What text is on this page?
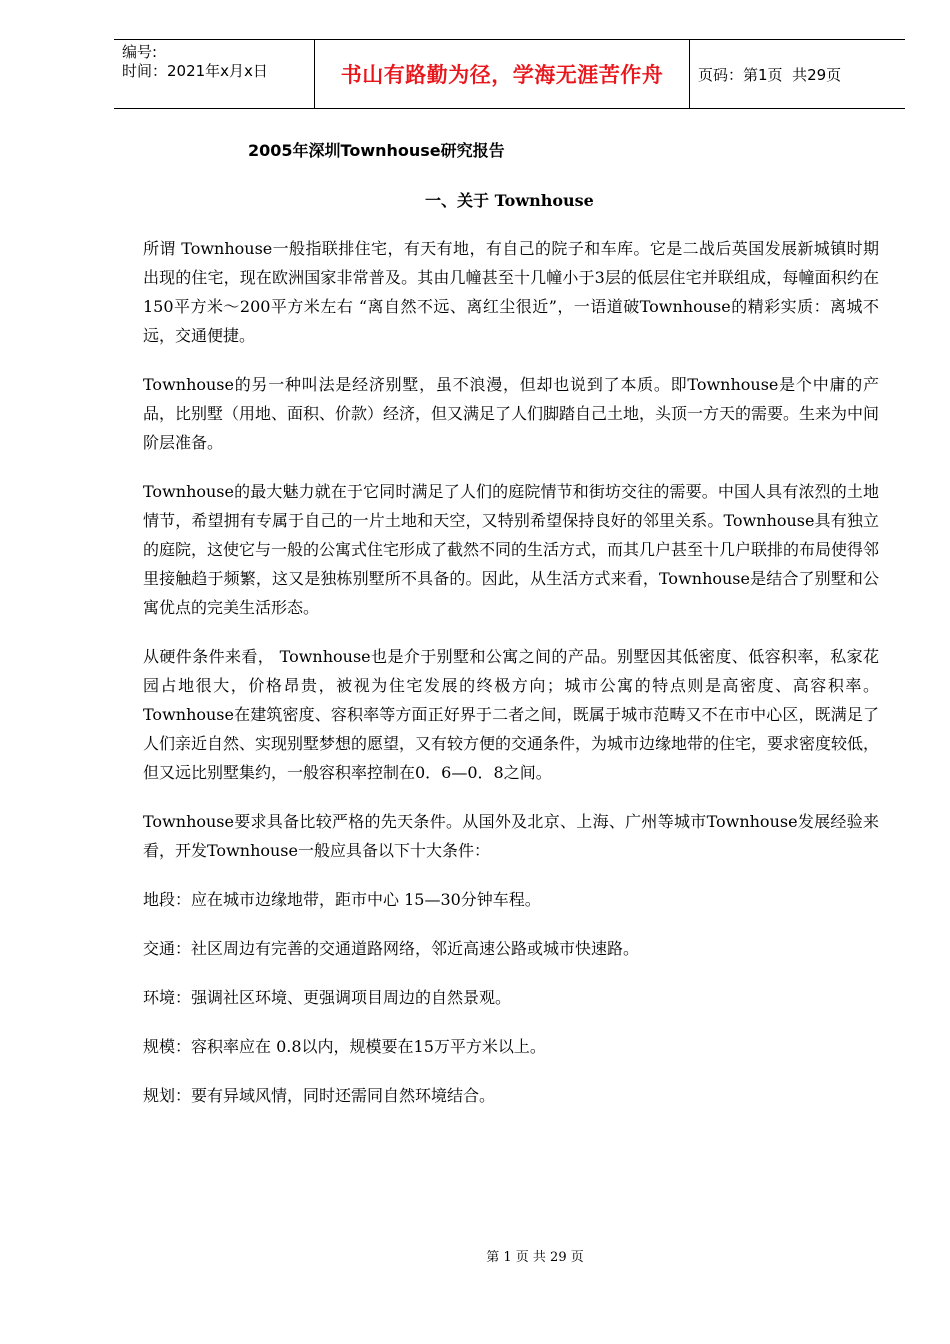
编号:
时间：2021年x月x日	书山有路勤为径，学海无涯苦作舟	页码：第1页  共29页
2005年深圳Townhouse研究报告
一、关于 Townhouse

所谓 Townhouse一般指联排住宅，有天有地，有自己的院子和车库。它是二战后英国发展新城镇时期出现的住宅，现在欧洲国家非常普及。其由几幢甚至十几幢小于3层的低层住宅并联组成，每幢面积约在150平方米～200平方米左右 “离自然不远、离红尘很近”，一语道破Townhouse的精彩实质：离城不远，交通便捷。

Townhouse的另一种叫法是经济别墅，虽不浪漫，但却也说到了本质。即Townhouse是个中庸的产品，比别墅（用地、面积、价款）经济，但又满足了人们脚踏自己土地，头顶一方天的需要。生来为中间阶层准备。

Townhouse的最大魅力就在于它同时满足了人们的庭院情节和街坊交往的需要。中国人具有浓烈的土地情节，希望拥有专属于自己的一片土地和天空，又特别希望保持良好的邻里关系。Townhouse具有独立的庭院，这使它与一般的公寓式住宅形成了截然不同的生活方式，而其几户甚至十几户联排的布局使得邻里接触趋于频繁，这又是独栋别墅所不具备的。因此，从生活方式来看，Townhouse是结合了别墅和公寓优点的完美生活形态。

从硬件条件来看， Townhouse也是介于别墅和公寓之间的产品。别墅因其低密度、低容积率，私家花园占地很大，价格昂贵，被视为住宅发展的终极方向；城市公寓的特点则是高密度、高容积率。Townhouse在建筑密度、容积率等方面正好界于二者之间，既属于城市范畴又不在市中心区，既满足了人们亲近自然、实现别墅梦想的愿望，又有较方便的交通条件，为城市边缘地带的住宅，要求密度较低，但又远比别墅集约，一般容积率控制在0．6—0．8之间。

Townhouse要求具备比较严格的先天条件。从国外及北京、上海、广州等城市Townhouse发展经验来看，开发Townhouse一般应具备以下十大条件：

地段：应在城市边缘地带，距市中心 15—30分钟车程。

交通：社区周边有完善的交通道路网络，邻近高速公路或城市快速路。

环境：强调社区环境、更强调项目周边的自然景观。

规模：容积率应在 0.8以内，规模要在15万平方米以上。

规划：要有异域风情，同时还需同自然环境结合。

第 1 页 共 29 页
